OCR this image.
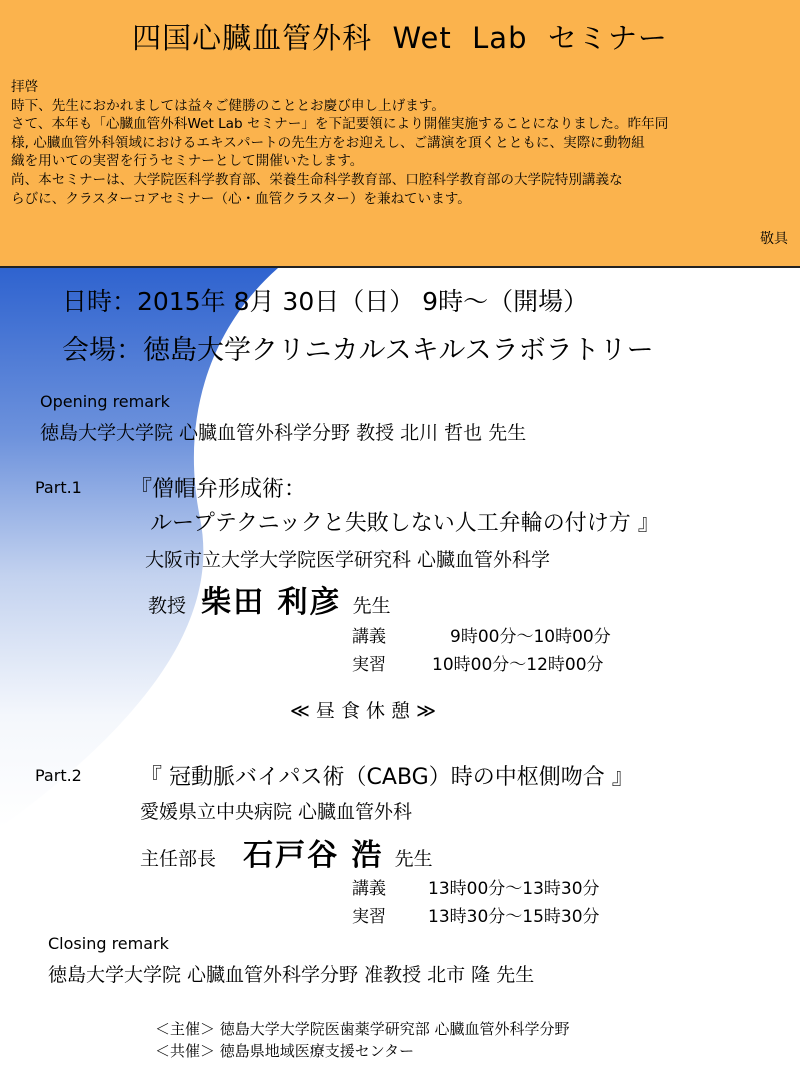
四国心臓血管外科  Wet  Lab  セミナー
拝啓
時下、先生におかれましては益々ご健勝のこととお慶び申し上げます。
さて、本年も「心臓血管外科Wet Lab セミナー」を下記要領により開催実施することになりました。昨年同
様, 心臓血管外科領域におけるエキスパートの先生方をお迎えし、ご講演を頂くとともに、実際に動物組
織を用いての実習を行うセミナーとして開催いたします。
尚、本セミナーは、大学院医科学教育部、栄養生命科学教育部、口腔科学教育部の大学院特別講義な
らびに、クラスターコアセミナー（心・血管クラスター）を兼ねています。
敬具
日時：2015年 8月 30日（日） 9時～（開場）
会場：徳島大学クリニカルスキルスラボラトリー
Opening remark
徳島大学大学院 心臓血管外科学分野 教授 北川 哲也 先生
Part.1 『僧帽弁形成術：
ループテクニックと失敗しない人工弁輪の付け方 』
大阪市立大学大学院医学研究科 心臓血管外科学
教授 柴田 利彦 先生
講義	9時00分～10時00分
実習	10時00分～12時00分
≪ 昼 食 休 憩 ≫
Part.2	『 冠動脈バイパス術（CABG）時の中枢側吻合 』
愛媛県立中央病院 心臓血管外科
主任部長 石戸谷 浩 先生
講義 13時00分～13時30分
実習 13時30分～15時30分
Closing remark
徳島大学大学院 心臓血管外科学分野 准教授 北市 隆 先生
＜主催＞ 徳島大学大学院医歯薬学研究部 心臓血管外科学分野
＜共催＞ 徳島県地域医療支援センター
